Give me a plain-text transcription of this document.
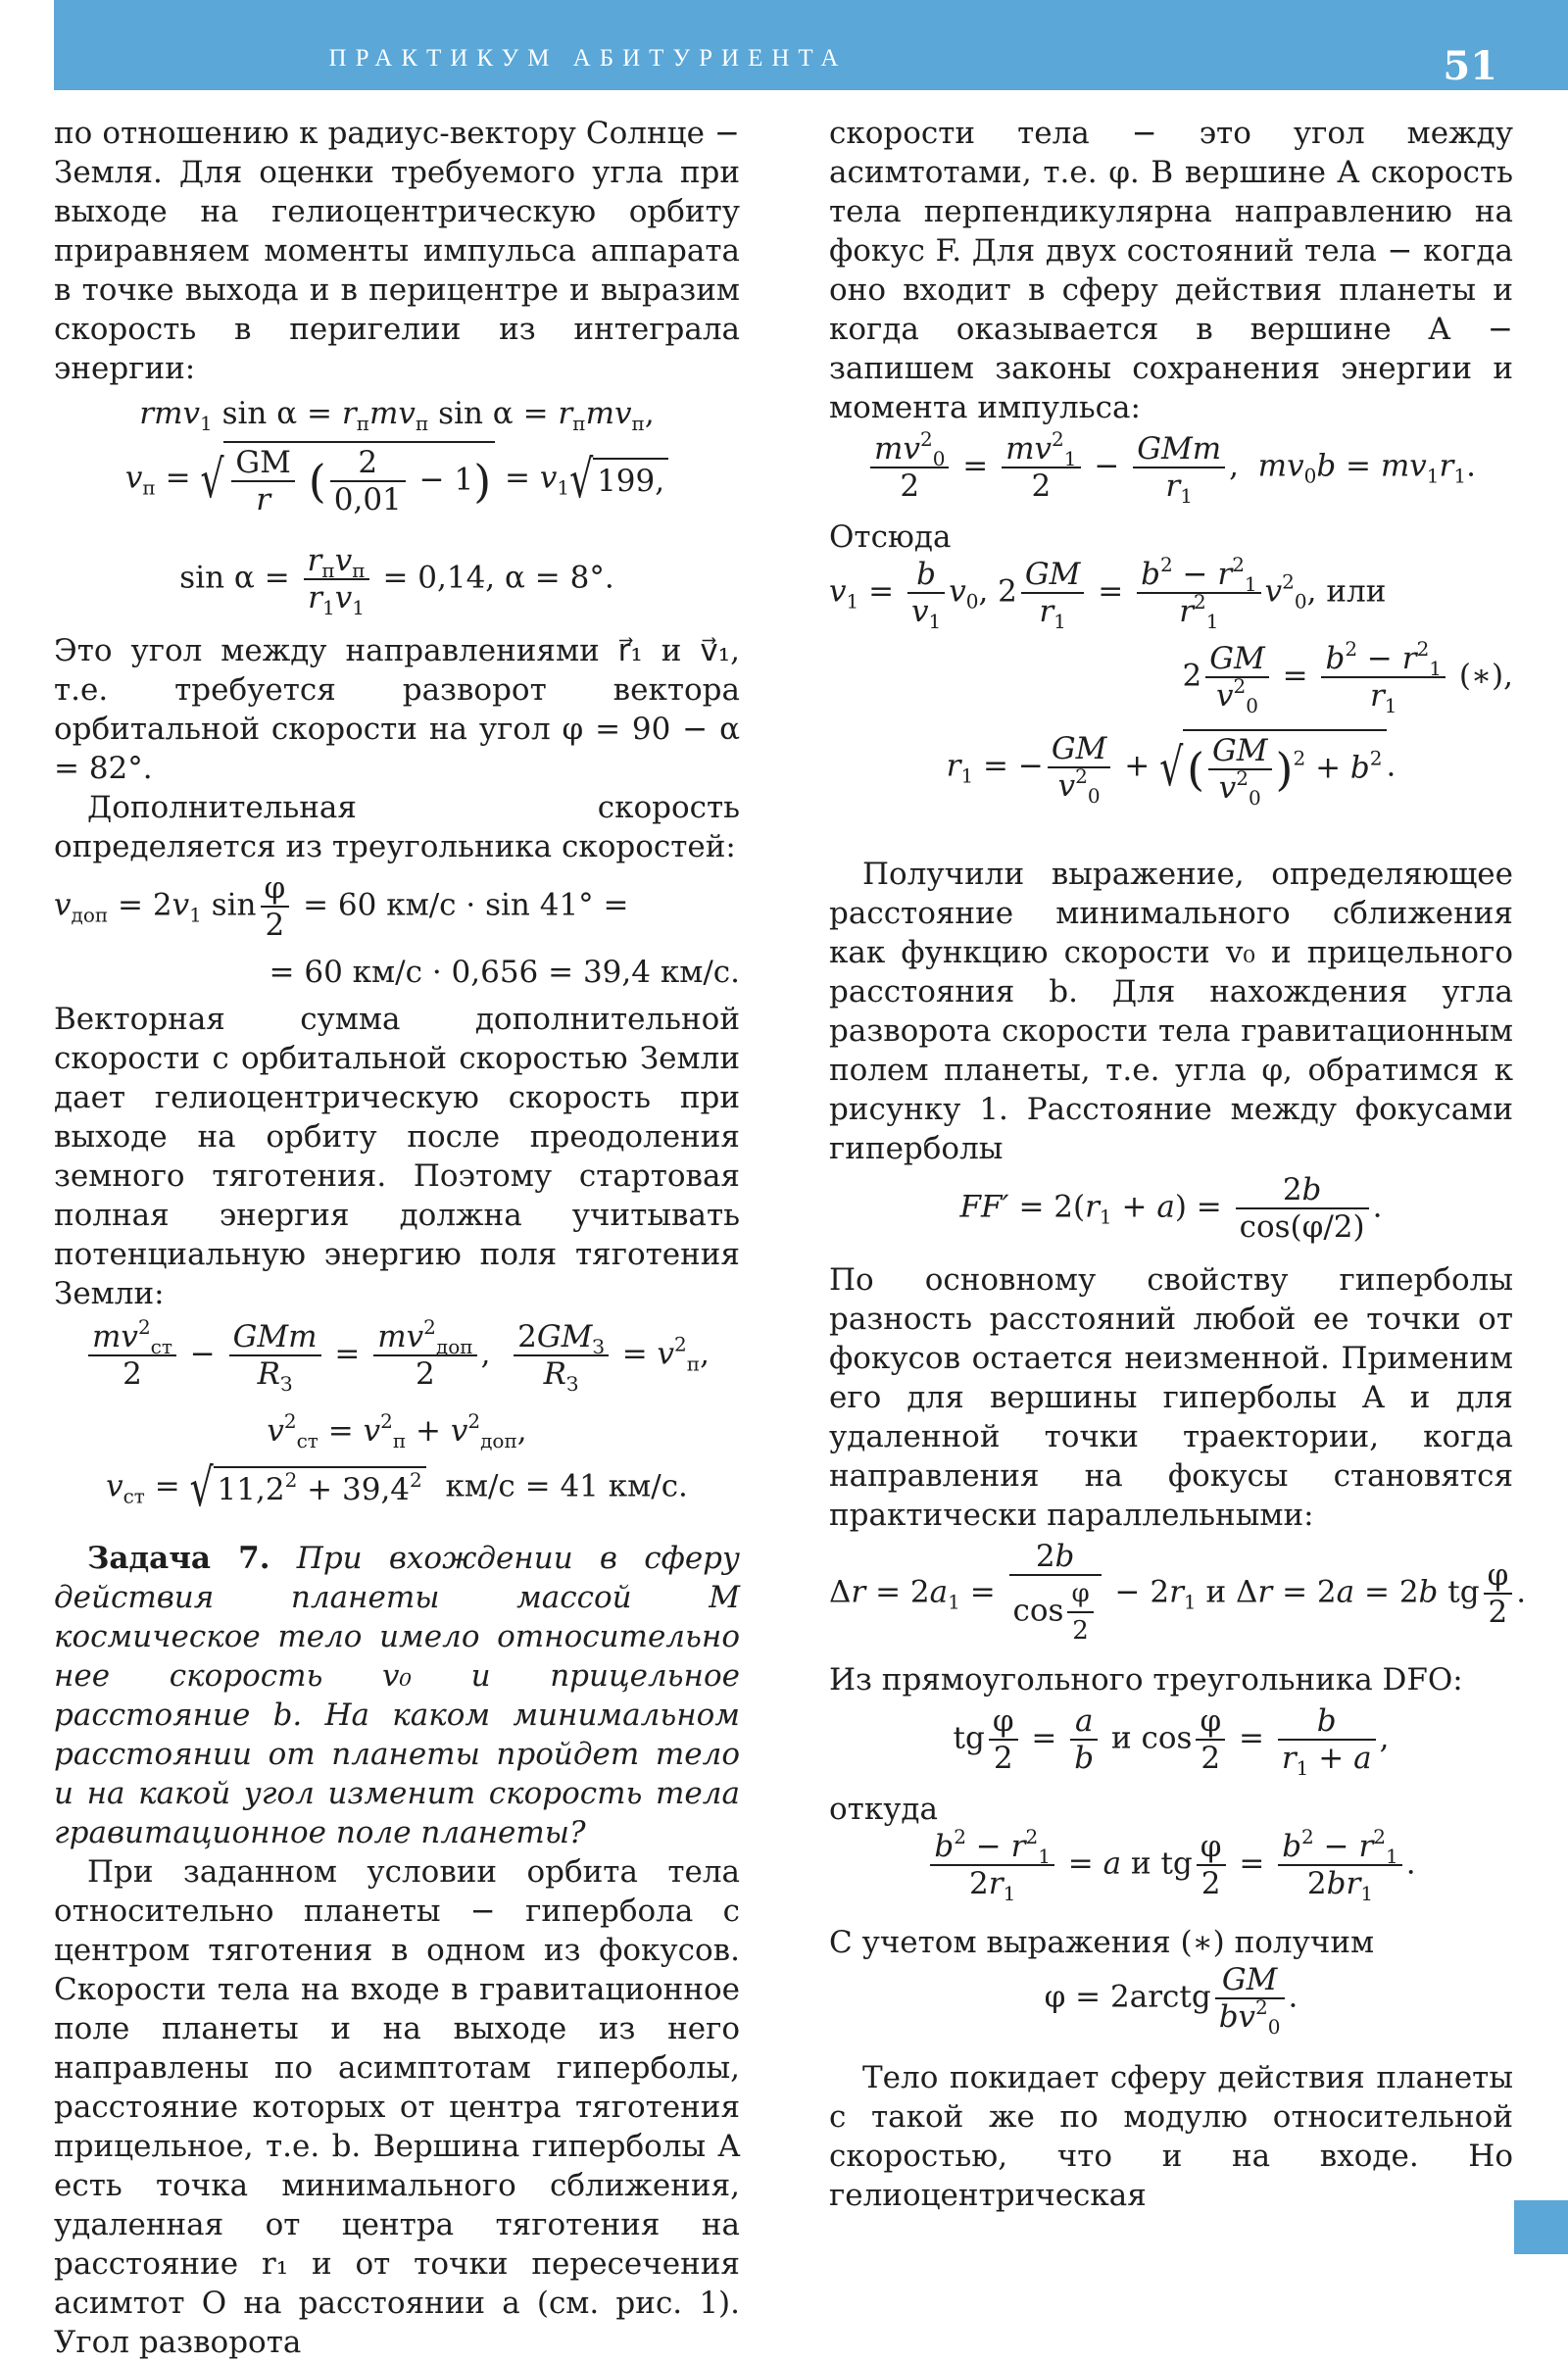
ПРАКТИКУМ АБИТУРИЕНТА	51

по отношению к радиус-вектору Солнце − Земля. Для оценки требуемого угла при выходе на гелиоцентрическую орбиту приравняем моменты импульса аппарата в точке выхода и в перицентре и выразим скорость в перигелии из интеграла энергии:

rmv$_1$ $\sin \alpha = r_пmv_п$ $\sin \alpha = r_пmv_п$,
$v_п$ = √ $\frac{GM}{r}$ ( $\frac{2}{0,01} - 1) = v_1$ √ 199,
$\sin \alpha = \frac{r_пv_п}{r_1v_1} = 0,14$, α = 8°.

Это угол между направлениями r⃗₁ и v⃗₁, т.е. требуется разворот вектора орбитальной скорости на угол φ = 90 − α = 82°.

Дополнительная скорость определяется из треугольника скоростей:

$v_{доп} = 2v_1$ $\sin \frac{\varphi}{2} = 60$ км/с · sin 41° =
= 60 км/с · 0,656 = 39,4 км/с.

Векторная сумма дополнительной скорости с орбитальной скоростью Земли дает гелиоцентрическую скорость при выходе на орбиту после преодоления земного тяготения. Поэтому стартовая полная энергия должна учитывать потенциальную энергию поля тяготения Земли:

$\frac{mv^2_{ст}}{2} - \frac{\text{GMm}}{R_З} = \frac{mv^2_{доп}}{2}$ , $\frac{2GM_З}{R_З} = v^2_п$,
$v^2_{ст} = v^2_п + v^2_{доп}$,
$v_{ст}$ = √ $11,2^2 + 39,4^2$ км/с = 41 км/с.

Задача 7. При вхождении в сферу действия планеты массой M космическое тело имело относительно нее скорость v₀ и прицельное расстояние b. На каком минимальном расстоянии от планеты пройдет тело и на какой угол изменит скорость тела гравитационное поле планеты?

При заданном условии орбита тела относительно планеты − гипербола с центром тяготения в одном из фокусов. Скорости тела на входе в гравитационное поле планеты и на выходе из него направлены по асимптотам гиперболы, расстояние которых от центра тяготения прицельное, т.е. b. Вершина гиперболы A есть точка минимального сближения, удаленная от центра тяготения на расстояние r₁ и от точки пересечения асимтот O на расстоянии a (см. рис. 1). Угол разворота

скорости тела − это угол между асимтотами, т.е. φ. В вершине A скорость тела перпендикулярна направлению на фокус F. Для двух состояний тела − когда оно входит в сферу действия планеты и когда оказывается в вершине A − запишем законы сохранения энергии и момента импульса:

$\frac{mv^2_0}{2} = \frac{mv^2_1}{2} - \frac{\text{GMm}}{r_1}$ ,  $mv_0b = mv_1r_1$.

Отсюда

$v_1 = \frac{b}{v_1} v_0$, $2 \frac{GM}{r_1} = \frac{b^2 - r^2_1}{r^2_1} v^2_0$, или
$2 \frac{GM}{v^2_0} = \frac{b^2 - r^2_1}{r_1}$ (∗),
$r_1$ = − $\frac{GM}{v^2_0}$ + √ ( $\frac{GM}{v^2_0} )^2 + b^2$ .

Получили выражение, определяющее расстояние минимального сближения как функцию скорости v₀ и прицельного расстояния b. Для нахождения угла разворота скорости тела гравитационным полем планеты, т.е. угла φ, обратимся к рисунку 1. Расстояние между фокусами гиперболы

$FF' = 2(r_1 + a) = \frac{2b}{\cos(\varphi/2)}$ .

По основному свойству гиперболы разность расстояний любой ее точки от фокусов остается неизменной. Применим его для вершины гиперболы A и для удаленной точки траектории, когда направления на фокусы становятся практически параллельными:

$\Delta r = 2a_1 = \frac{2b}{\cos \frac{\varphi}{2}} - 2r_1$ и Δr = 2a = 2b tg $\frac{\varphi}{2}$ .

Из прямоугольного треугольника DFO:

tg $\frac{\varphi}{2} = \frac{a}{b}$ и $\cos \frac{\varphi}{2} = \frac{b}{r_1 + a}$ ,

откуда

$\frac{b^2 - r^2_1}{2r_1} = a$ и tg $\frac{\varphi}{2} = \frac{b^2 - r^2_1}{2br_1}$ .

С учетом выражения (∗) получим

φ = 2arctg $\frac{GM}{bv^2_0}$ .

Тело покидает сферу действия планеты с такой же по модулю относительной скоростью, что и на входе. Но гелиоцентрическая
